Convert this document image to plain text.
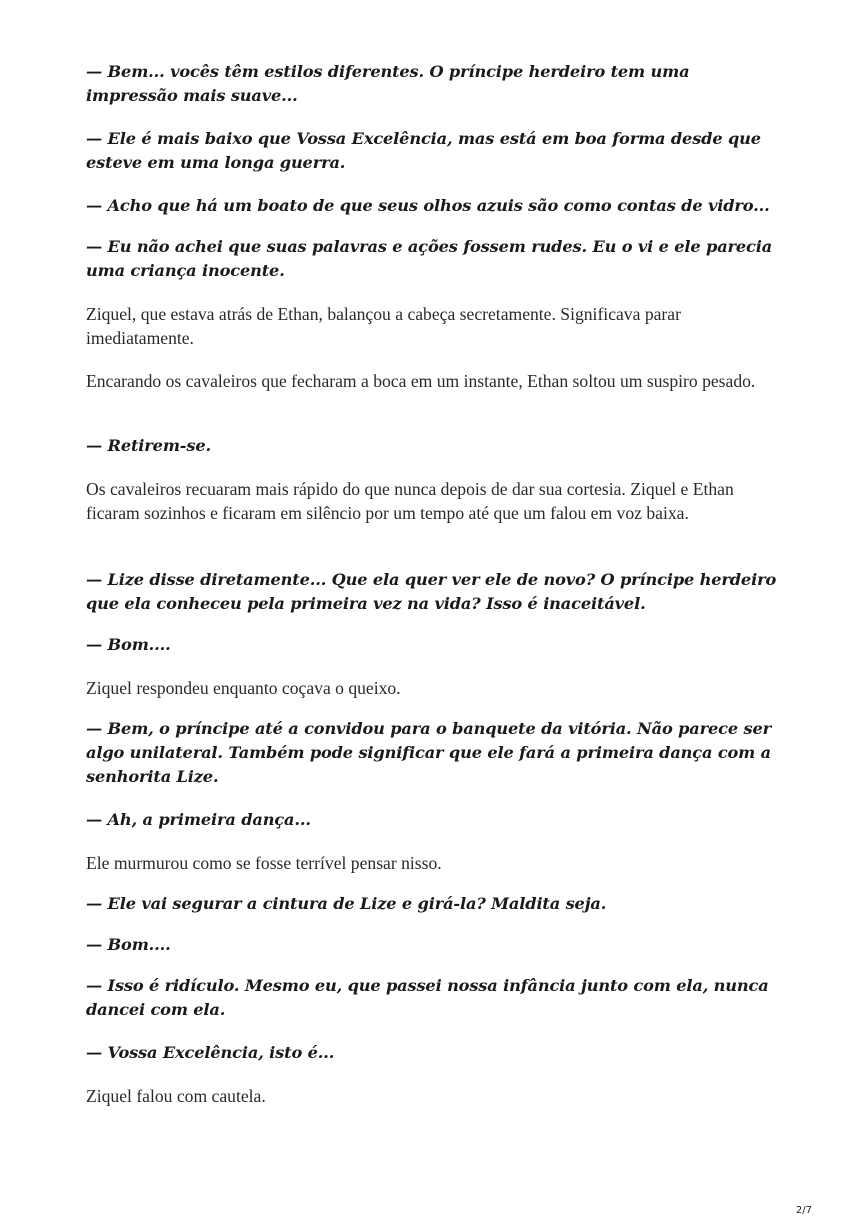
— Bem... vocês têm estilos diferentes. O príncipe herdeiro tem uma impressão mais suave...

— Ele é mais baixo que Vossa Excelência, mas está em boa forma desde que esteve em uma longa guerra.

— Acho que há um boato de que seus olhos azuis são como contas de vidro...

— Eu não achei que suas palavras e ações fossem rudes. Eu o vi e ele parecia uma criança inocente.

Ziquel, que estava atrás de Ethan, balançou a cabeça secretamente. Significava parar imediatamente.

Encarando os cavaleiros que fecharam a boca em um instante, Ethan soltou um suspiro pesado.

— Retirem-se.

Os cavaleiros recuaram mais rápido do que nunca depois de dar sua cortesia. Ziquel e Ethan ficaram sozinhos e ficaram em silêncio por um tempo até que um falou em voz baixa.

— Lize disse diretamente... Que ela quer ver ele de novo? O príncipe herdeiro que ela conheceu pela primeira vez na vida? Isso é inaceitável.

— Bom....

Ziquel respondeu enquanto coçava o queixo.

— Bem, o príncipe até a convidou para o banquete da vitória. Não parece ser algo unilateral. Também pode significar que ele fará a primeira dança com a senhorita Lize.

— Ah, a primeira dança...

Ele murmurou como se fosse terrível pensar nisso.

— Ele vai segurar a cintura de Lize e girá-la? Maldita seja.

— Bom....

— Isso é ridículo. Mesmo eu, que passei nossa infância junto com ela, nunca dancei com ela.

— Vossa Excelência, isto é...

Ziquel falou com cautela.

2/7
